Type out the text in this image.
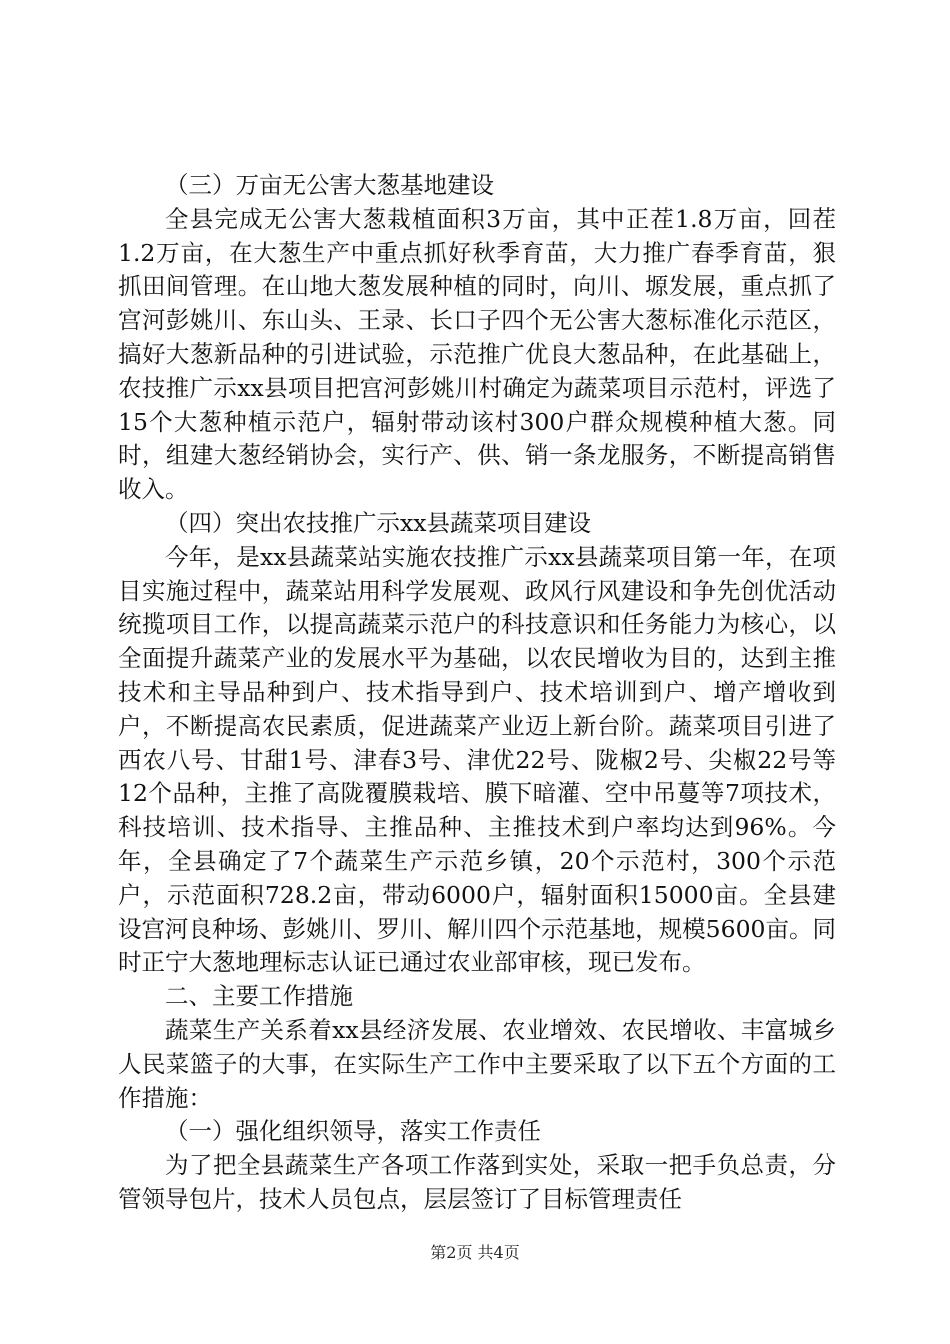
（三）万亩无公害大葱基地建设

全县完成无公害大葱栽植面积3万亩，其中正茬1.8万亩，回茬1.2万亩，在大葱生产中重点抓好秋季育苗，大力推广春季育苗，狠抓田间管理。在山地大葱发展种植的同时，向川、塬发展，重点抓了宫河彭姚川、东山头、王录、长口子四个无公害大葱标准化示范区，搞好大葱新品种的引进试验，示范推广优良大葱品种，在此基础上，农技推广示xx县项目把宫河彭姚川村确定为蔬菜项目示范村，评选了15个大葱种植示范户，辐射带动该村300户群众规模种植大葱。同时，组建大葱经销协会，实行产、供、销一条龙服务，不断提高销售收入。

（四）突出农技推广示xx县蔬菜项目建设

今年，是xx县蔬菜站实施农技推广示xx县蔬菜项目第一年，在项目实施过程中，蔬菜站用科学发展观、政风行风建设和争先创优活动统揽项目工作，以提高蔬菜示范户的科技意识和任务能力为核心，以全面提升蔬菜产业的发展水平为基础，以农民增收为目的，达到主推技术和主导品种到户、技术指导到户、技术培训到户、增产增收到户，不断提高农民素质，促进蔬菜产业迈上新台阶。蔬菜项目引进了西农八号、甘甜1号、津春3号、津优22号、陇椒2号、尖椒22号等12个品种，主推了高陇覆膜栽培、膜下暗灌、空中吊蔓等7项技术，科技培训、技术指导、主推品种、主推技术到户率均达到96%。今年，全县确定了7个蔬菜生产示范乡镇，20个示范村，300个示范户，示范面积728.2亩，带动6000户，辐射面积15000亩。全县建设宫河良种场、彭姚川、罗川、解川四个示范基地，规模5600亩。同时正宁大葱地理标志认证已通过农业部审核，现已发布。

二、主要工作措施

蔬菜生产关系着xx县经济发展、农业增效、农民增收、丰富城乡人民菜篮子的大事，在实际生产工作中主要采取了以下五个方面的工作措施：

（一）强化组织领导，落实工作责任

为了把全县蔬菜生产各项工作落到实处，采取一把手负总责，分管领导包片，技术人员包点，层层签订了目标管理责任

第2页 共4页
